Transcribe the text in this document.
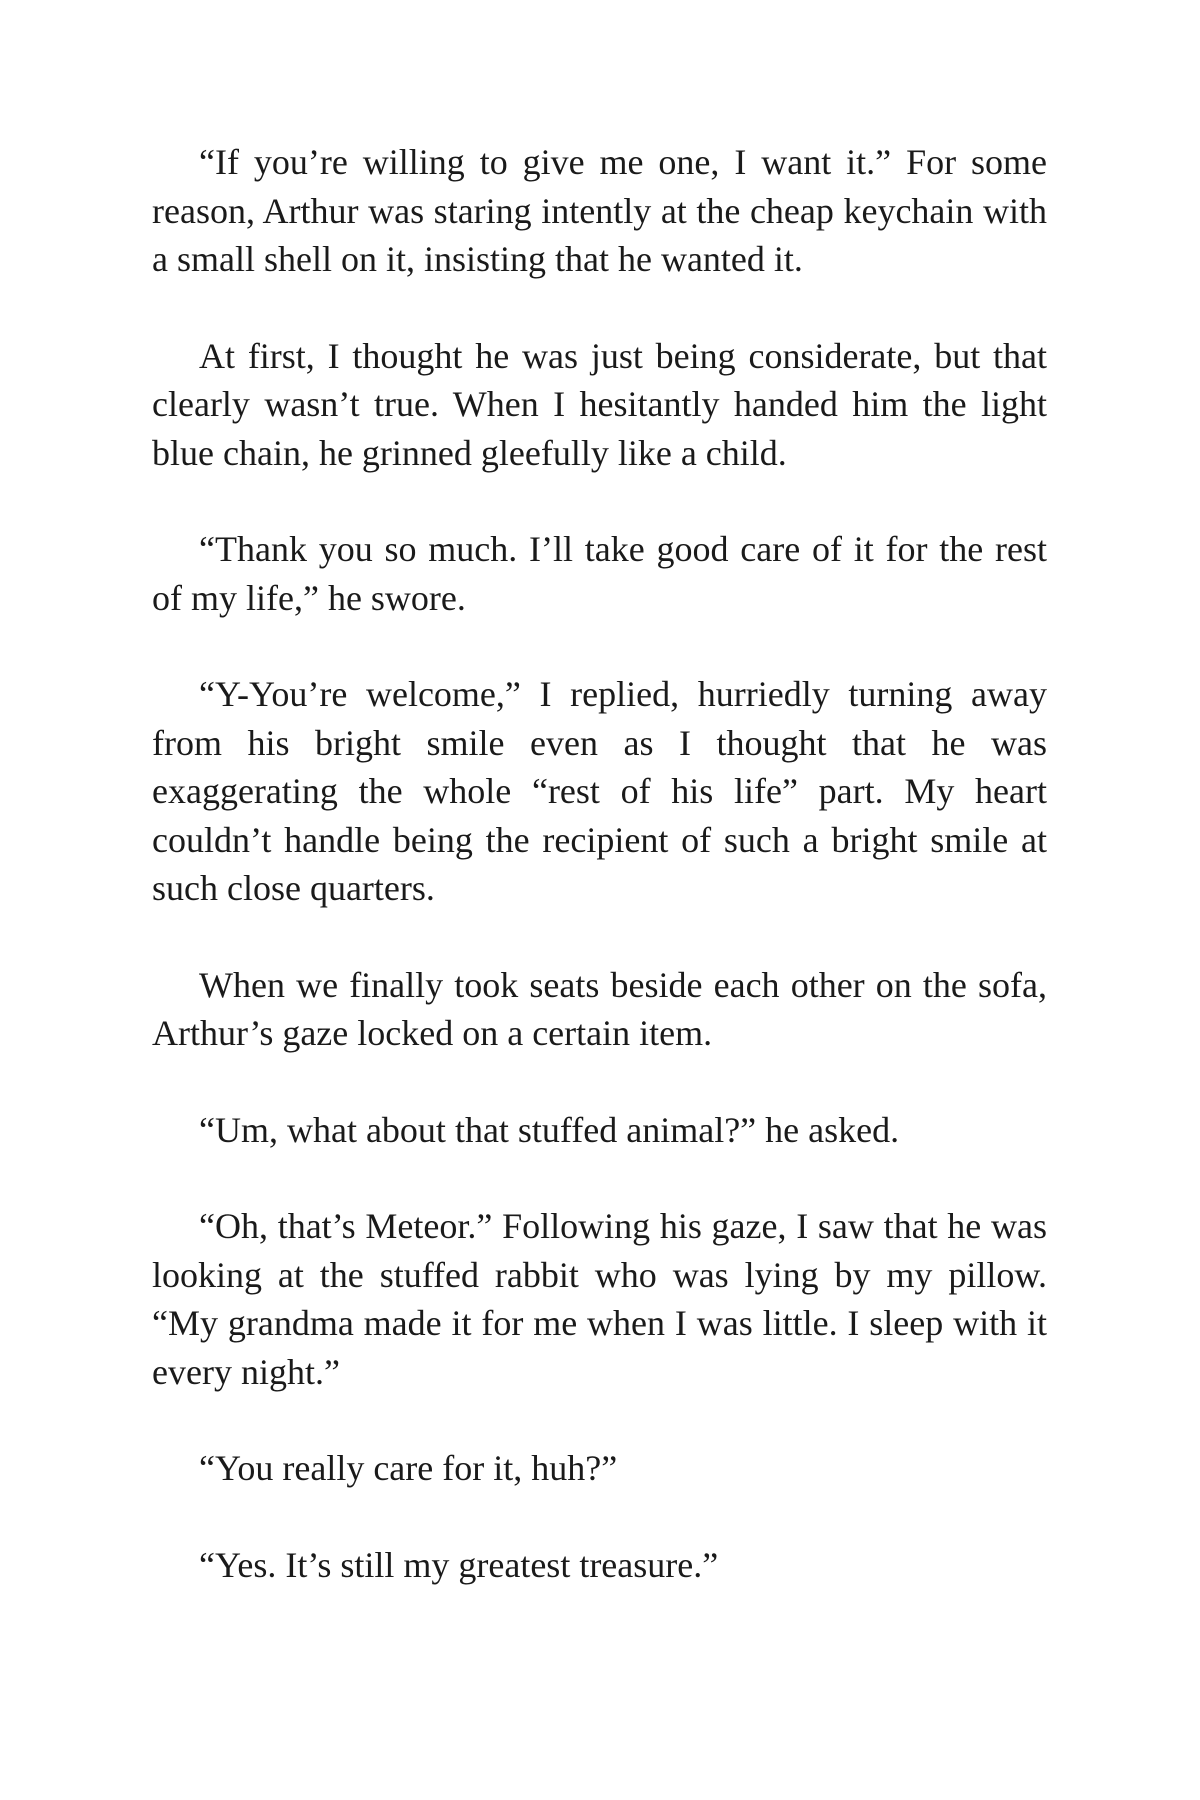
“If you’re willing to give me one, I want it.” For some reason, Arthur was staring intently at the cheap keychain with a small shell on it, insisting that he wanted it.

At first, I thought he was just being considerate, but that clearly wasn’t true. When I hesitantly handed him the light blue chain, he grinned gleefully like a child.

“Thank you so much. I’ll take good care of it for the rest of my life,” he swore.

“Y-You’re welcome,” I replied, hurriedly turning away from his bright smile even as I thought that he was exaggerating the whole “rest of his life” part. My heart couldn’t handle being the recipient of such a bright smile at such close quarters.

When we finally took seats beside each other on the sofa, Arthur’s gaze locked on a certain item.

“Um, what about that stuffed animal?” he asked.

“Oh, that’s Meteor.” Following his gaze, I saw that he was looking at the stuffed rabbit who was lying by my pillow. “My grandma made it for me when I was little. I sleep with it every night.”

“You really care for it, huh?”

“Yes. It’s still my greatest treasure.”
